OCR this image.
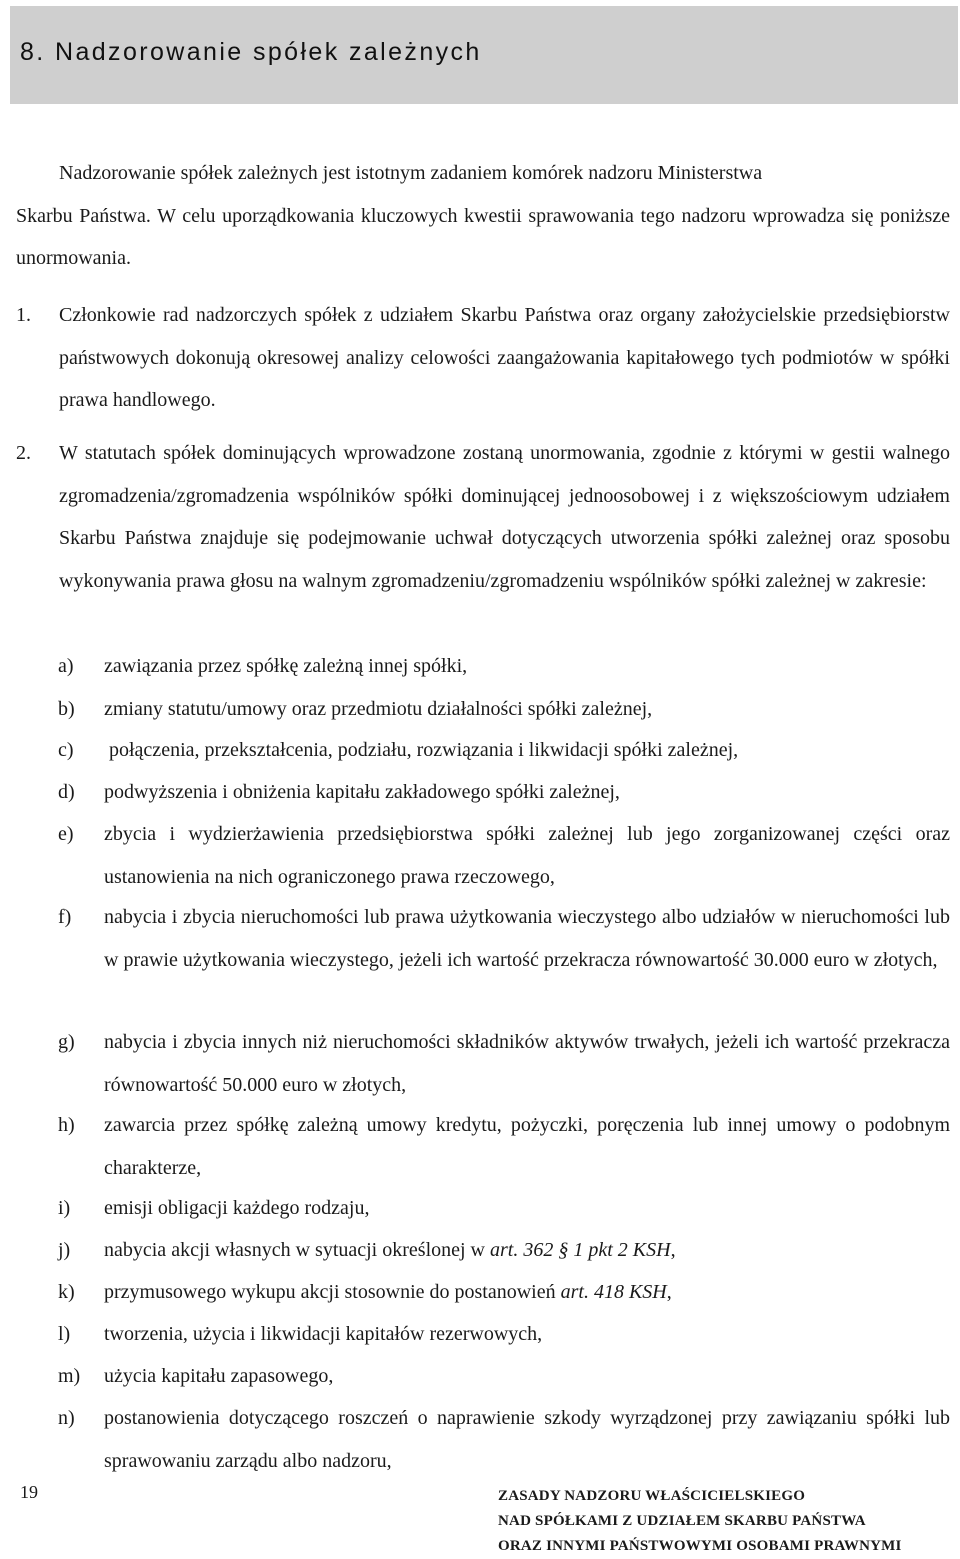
8. Nadzorowanie spółek zależnych
Nadzorowanie spółek zależnych jest istotnym zadaniem komórek nadzoru Ministerstwa
Skarbu Państwa. W celu uporządkowania kluczowych kwestii sprawowania tego nadzoru wprowadza się poniższe unormowania.
1. Członkowie rad nadzorczych spółek z udziałem Skarbu Państwa oraz organy założycielskie przedsiębiorstw państwowych dokonują okresowej analizy celowości zaangażowania kapitałowego tych podmiotów w spółki prawa handlowego.
2. W statutach spółek dominujących wprowadzone zostaną unormowania, zgodnie z którymi w gestii walnego zgromadzenia/zgromadzenia wspólników spółki dominującej jednoosobowej i z większościowym udziałem Skarbu Państwa znajduje się podejmowanie uchwał dotyczących utworzenia spółki zależnej oraz sposobu wykonywania prawa głosu na walnym zgromadzeniu/zgromadzeniu wspólników spółki zależnej w zakresie:
a) zawiązania przez spółkę zależną innej spółki,
b) zmiany statutu/umowy oraz przedmiotu działalności spółki zależnej,
c) połączenia, przekształcenia, podziału, rozwiązania i likwidacji spółki zależnej,
d) podwyższenia i obniżenia kapitału zakładowego spółki zależnej,
e) zbycia i wydzierżawienia przedsiębiorstwa spółki zależnej lub jego zorganizowanej części oraz ustanowienia na nich ograniczonego prawa rzeczowego,
f) nabycia i zbycia nieruchomości lub prawa użytkowania wieczystego albo udziałów w nieruchomości lub w prawie użytkowania wieczystego, jeżeli ich wartość przekracza równowartość 30.000 euro w złotych,
g) nabycia i zbycia innych niż nieruchomości składników aktywów trwałych, jeżeli ich wartość przekracza równowartość 50.000 euro w złotych,
h) zawarcia przez spółkę zależną umowy kredytu, pożyczki, poręczenia lub innej umowy o podobnym charakterze,
i) emisji obligacji każdego rodzaju,
j) nabycia akcji własnych w sytuacji określonej w art. 362 § 1 pkt 2 KSH,
k) przymusowego wykupu akcji stosownie do postanowień art. 418 KSH,
l) tworzenia, użycia i likwidacji kapitałów rezerwowych,
m) użycia kapitału zapasowego,
n) postanowienia dotyczącego roszczeń o naprawienie szkody wyrządzonej przy zawiązaniu spółki lub sprawowaniu zarządu albo nadzoru,
19	ZASADY NADZORU WŁAŚCICIELSKIEGO
NAD SPÓŁKAMI Z UDZIAŁEM SKARBU PAŃSTWA
ORAZ INNYMI PAŃSTWOWYMI OSOBAMI PRAWNYMI
